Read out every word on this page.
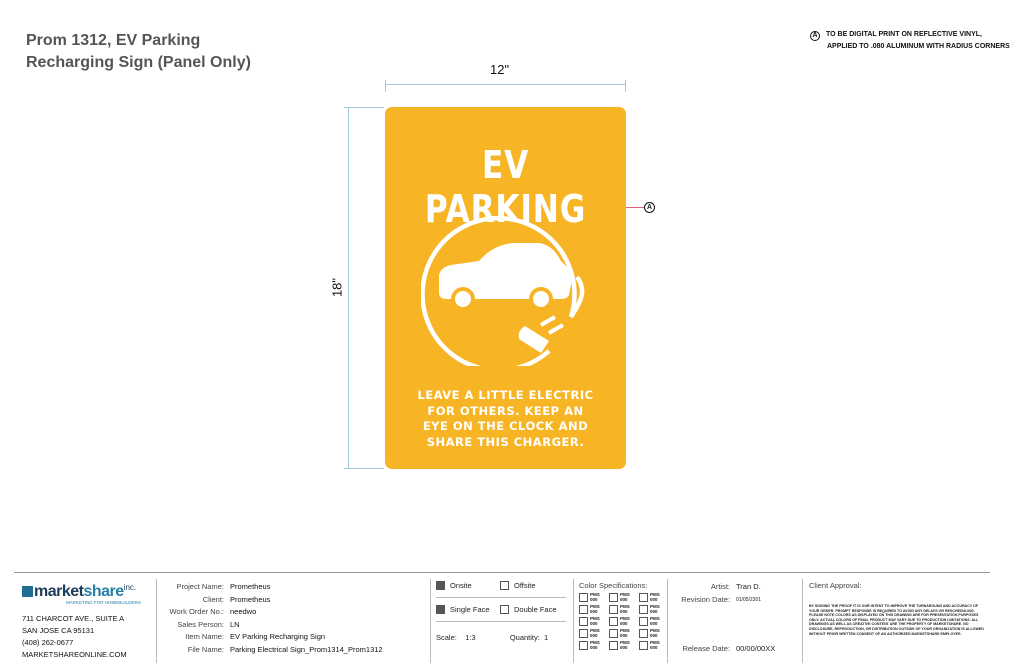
Prom 1312, EV Parking
Recharging Sign (Panel Only)
A TO BE DIGITAL PRINT ON REFLECTIVE VINYL,
APPLIED TO .080 ALUMINUM WITH RADIUS CORNERS
12"
18"
EV PARKING
LEAVE A LITTLE ELECTRIC
FOR OTHERS. KEEP AN
EYE ON THE CLOCK AND
SHARE THIS CHARGER.
A
marketshare$^{inc.}$
MARKETING FOR HOMEBUILDERS
711 CHARCOT AVE., SUITE A
SAN JOSE CA 95131
(408) 262-0677
MARKETSHAREONLINE.COM
Project Name: Prometheus
Client: Prometheus
Work Order No.: needwo
Sales Person: LN
Item Name: EV Parking Recharging Sign
File Name: Parking Electrical Sign_Prom1314_Prom1312
Onsite	Offsite
Single Face	Double Face
Scale: 1:3	Quantity: 1
Color Specifications:
PMS
000
PMS
000
PMS
000
PMS
000
PMS
000
PMS
000
PMS
000
PMS
000
PMS
000
PMS
000
PMS
000
PMS
000
PMS
000
PMS
000
PMS
000
Artist: Tran D.
Revision Date:	01/05/2301
Release Date: 00/00/00XX
Client Approval:
BY SIGNING THE PROOF IT IS OUR INTENT TO IMPROVE THE TURNAROUND AND ACCURACY OF YOUR ORDER. PROMPT RESPONSE IS REQUIRED TO AVOID ANY DELAYS OR RESCHEDULING. PLEASE NOTE COLORS AS DISPLAYED ON THIS DRAWING ARE FOR PRESENTATION PURPOSES ONLY. ACTUAL COLORS OF FINAL PRODUCT MAY VARY DUE TO PRODUCTION LIMITATIONS. ALL DRAWINGS AS WELL AS CREATIVE CONTENT ARE THE PROPERTY OF MARKETSHARE. NO DISCLOSURE, REPRODUCTION, OR DISTRIBUTION OUTSIDE OF YOUR ORGANIZATION IS ALLOWED WITHOUT PRIOR WRITTEN CONSENT OF AN AUTHORIZED MARKETSHARE EMPLOYEE.
